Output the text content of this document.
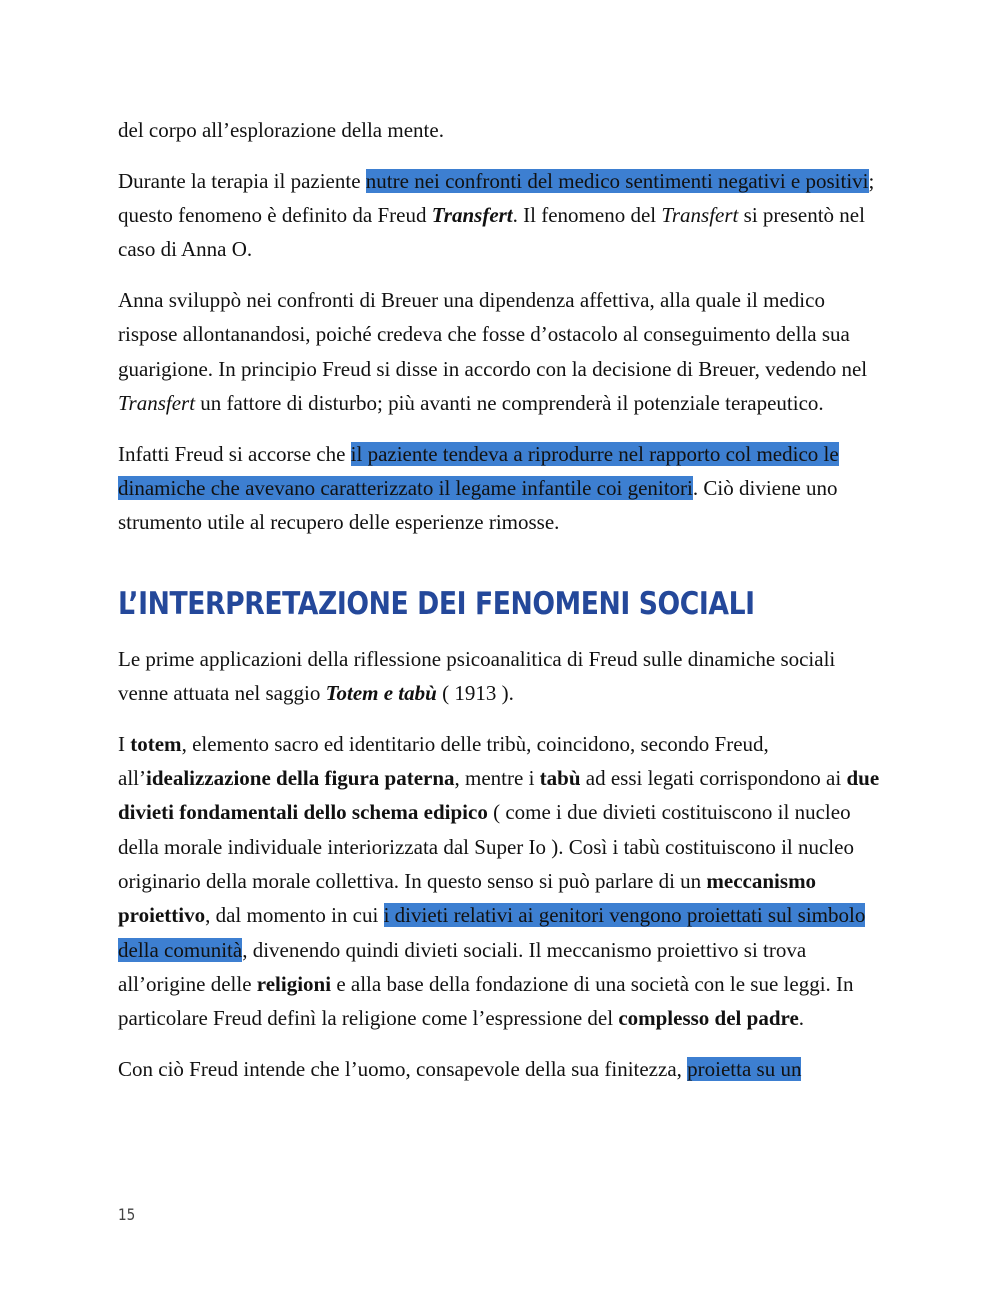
del corpo all’esplorazione della mente.

Durante la terapia il paziente nutre nei confronti del medico sentimenti negativi e positivi; questo fenomeno è definito da Freud Transfert. Il fenomeno del Transfert si presentò nel caso di Anna O.

Anna sviluppò nei confronti di Breuer una dipendenza affettiva, alla quale il medico rispose allontanandosi, poiché credeva che fosse d’ostacolo al conseguimento della sua guarigione. In principio Freud si disse in accordo con la decisione di Breuer, vedendo nel Transfert un fattore di disturbo; più avanti ne comprenderà il potenziale terapeutico.

Infatti Freud si accorse che il paziente tendeva a riprodurre nel rapporto col medico le dinamiche che avevano caratterizzato il legame infantile coi genitori. Ciò diviene uno strumento utile al recupero delle esperienze rimosse.

L’INTERPRETAZIONE DEI FENOMENI SOCIALI

Le prime applicazioni della riflessione psicoanalitica di Freud sulle dinamiche sociali venne attuata nel saggio Totem e tabù ( 1913 ).

I totem, elemento sacro ed identitario delle tribù, coincidono, secondo Freud, all’idealizzazione della figura paterna, mentre i tabù ad essi legati corrispondono ai due divieti fondamentali dello schema edipico ( come i due divieti costituiscono il nucleo della morale individuale interiorizzata dal Super Io ). Così i tabù costituiscono il nucleo originario della morale collettiva. In questo senso si può parlare di un meccanismo proiettivo, dal momento in cui i divieti relativi ai genitori vengono proiettati sul simbolo della comunità, divenendo quindi divieti sociali. Il meccanismo proiettivo si trova all’origine delle religioni e alla base della fondazione di una società con le sue leggi. In particolare Freud definì la religione come l’espressione del complesso del padre.

Con ciò Freud intende che l’uomo, consapevole della sua finitezza, proietta su un

15
